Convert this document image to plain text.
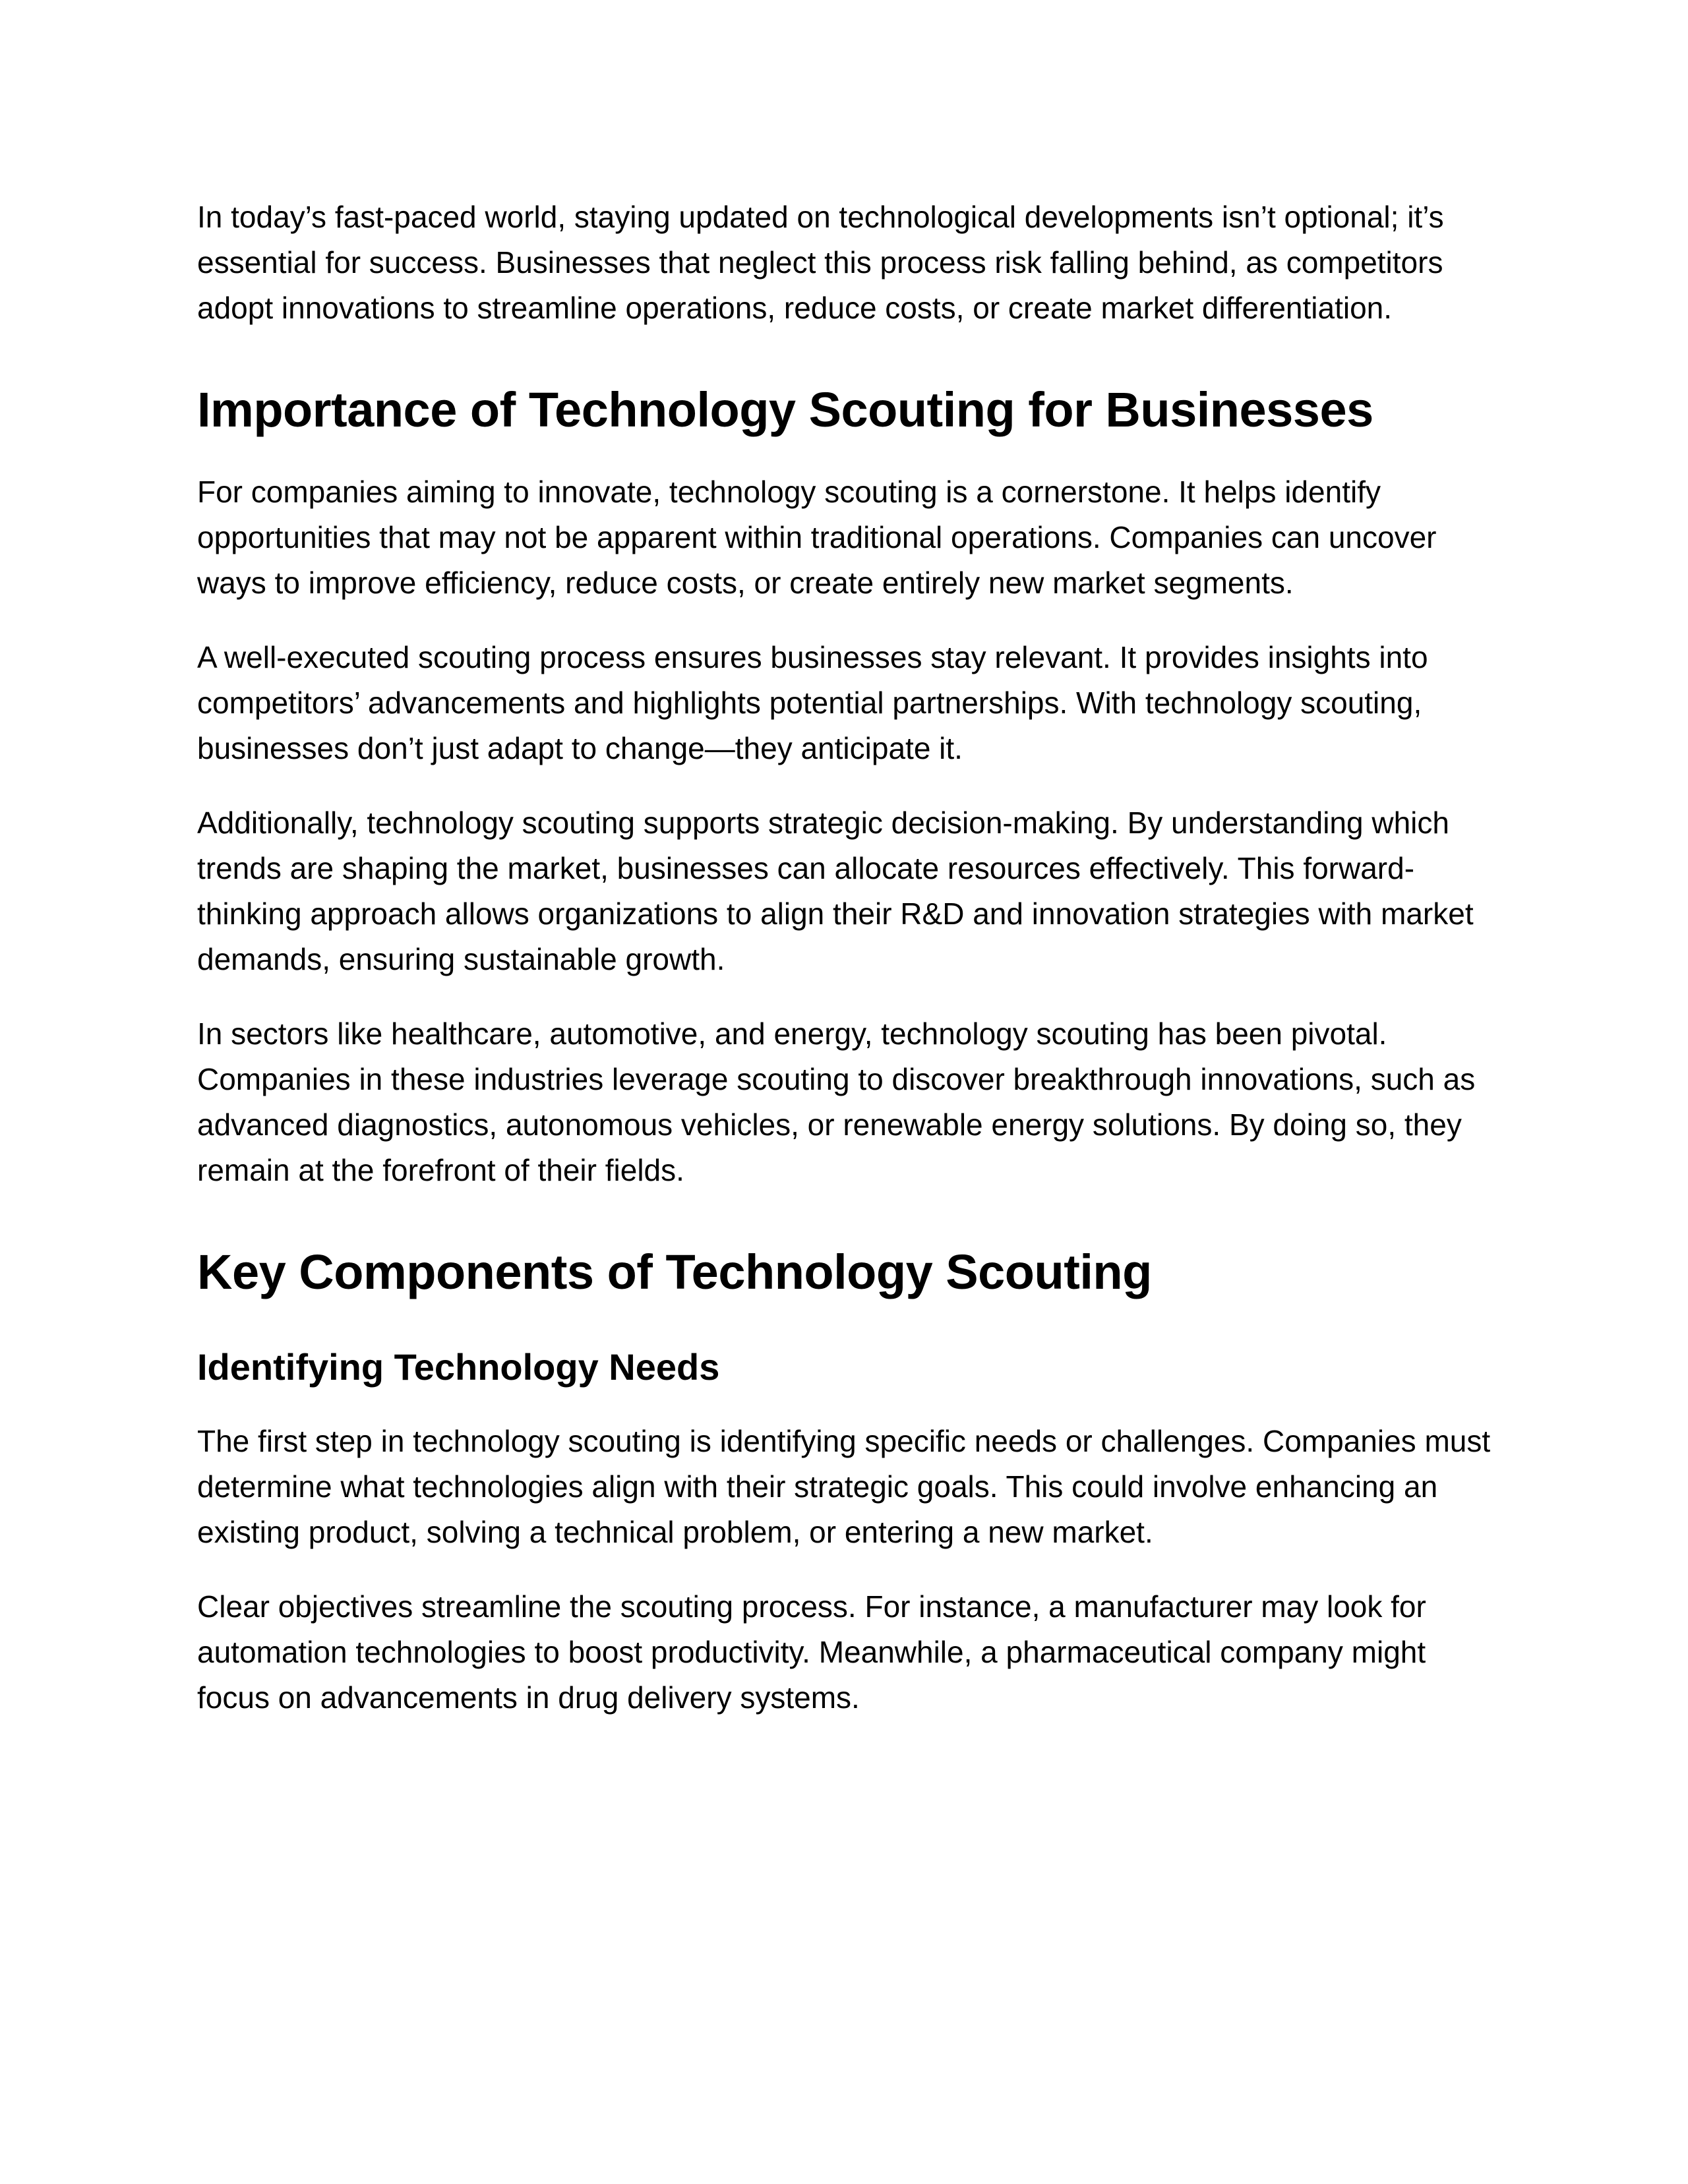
In today’s fast-paced world, staying updated on technological developments isn’t optional; it’s essential for success. Businesses that neglect this process risk falling behind, as competitors adopt innovations to streamline operations, reduce costs, or create market differentiation.

Importance of Technology Scouting for Businesses

For companies aiming to innovate, technology scouting is a cornerstone. It helps identify opportunities that may not be apparent within traditional operations. Companies can uncover ways to improve efficiency, reduce costs, or create entirely new market segments.

A well-executed scouting process ensures businesses stay relevant. It provides insights into competitors’ advancements and highlights potential partnerships. With technology scouting, businesses don’t just adapt to change—they anticipate it.

Additionally, technology scouting supports strategic decision-making. By understanding which trends are shaping the market, businesses can allocate resources effectively. This forward-thinking approach allows organizations to align their R&D and innovation strategies with market demands, ensuring sustainable growth.

In sectors like healthcare, automotive, and energy, technology scouting has been pivotal. Companies in these industries leverage scouting to discover breakthrough innovations, such as advanced diagnostics, autonomous vehicles, or renewable energy solutions. By doing so, they remain at the forefront of their fields.

Key Components of Technology Scouting
Identifying Technology Needs

The first step in technology scouting is identifying specific needs or challenges. Companies must determine what technologies align with their strategic goals. This could involve enhancing an existing product, solving a technical problem, or entering a new market.

Clear objectives streamline the scouting process. For instance, a manufacturer may look for automation technologies to boost productivity. Meanwhile, a pharmaceutical company might focus on advancements in drug delivery systems.
